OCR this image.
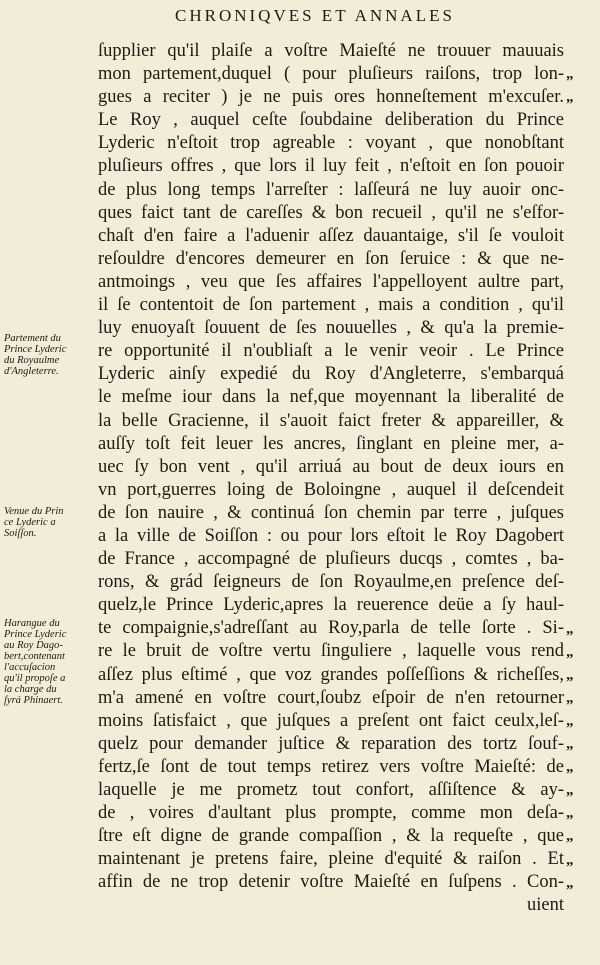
CHRONIQVES ET ANNALES
ſupplier qu'il plaiſe a voſtre Maieſté ne trouuer mauuais
mon partement,duquel ( pour pluſieurs raiſons, trop lon-
gues a reciter ) je ne puis ores honneſtement m'excuſer.
Le Roy , auquel ceſte ſoubdaine deliberation du Prince
Lyderic n'eſtoit trop agreable : voyant , que nonobſtant
pluſieurs offres , que lors il luy feit , n'eſtoit en ſon pouoir
de plus long temps l'arreſter : laſſeurá ne luy auoir onc-
ques faict tant de careſſes & bon recueil , qu'il ne s'eſfor-
chaſt d'en faire a l'aduenir aſſez dauantaige, s'il ſe vouloit
reſouldre d'encores demeurer en ſon ſeruice : & que ne-
antmoings , veu que ſes affaires l'appelloyent aultre part,
il ſe contentoit de ſon partement , mais a condition , qu'il
luy enuoyaſt ſouuent de ſes nouuelles , & qu'a la premie-
re opportunité il n'oubliaſt a le venir veoir . Le Prince
Lyderic ainſy expedié du Roy d'Angleterre, s'embarquá
le meſme iour dans la nef,que moyennant la liberalité de
la belle Gracienne, il s'auoit faict freter & appareiller, &
auſſy toſt feit leuer les ancres, ſinglant en pleine mer, a-
uec ſy bon vent , qu'il arriuá au bout de deux iours en
vn port,guerres loing de Boloingne , auquel il deſcendeit
de ſon nauire , & continuá ſon chemin par terre , juſques
a la ville de Soiſſon : ou pour lors eſtoit le Roy Dagobert
de France , accompagné de pluſieurs ducqs , comtes , ba-
rons, & grád ſeigneurs de ſon Royaulme,en preſence deſ-
quelz,le Prince Lyderic,apres la reuerence deüe a ſy haul-
te compaignie,s'adreſſant au Roy,parla de telle ſorte . Si-
re le bruit de voſtre vertu ſinguliere , laquelle vous rend
aſſez plus eſtimé , que voz grandes poſſeſſions & richeſſes,
m'a amené en voſtre court,ſoubz eſpoir de n'en retourner
moins ſatisfaict , que juſques a preſent ont faict ceulx,leſ-
quelz pour demander juſtice & reparation des tortz ſouf-
fertz,ſe ſont de tout temps retirez vers voſtre Maieſté: de
laquelle je me prometz tout confort, aſſiſtence & ay-
de , voires d'aultant plus prompte, comme mon deſa-
ſtre eſt digne de grande compaſſion , & la requeſte , que
maintenant je pretens faire, pleine d'equité & raiſon . Et
affin de ne trop detenir voſtre Maieſté en ſuſpens . Con-
uient
Partement du
Prince Lyderic
du Royaulme
d'Angleterre.
Venue du Prin
ce Lyderic a
Soiſſon.
Harangue du
Prince Lyderic
au Roy Dago-
bert,contenant
l'accuſacion
qu'il propoſe a
la charge du
ſyrá Phinaert.
„
„
„
„
„
„
„
„
„
„
„
„
„
„
